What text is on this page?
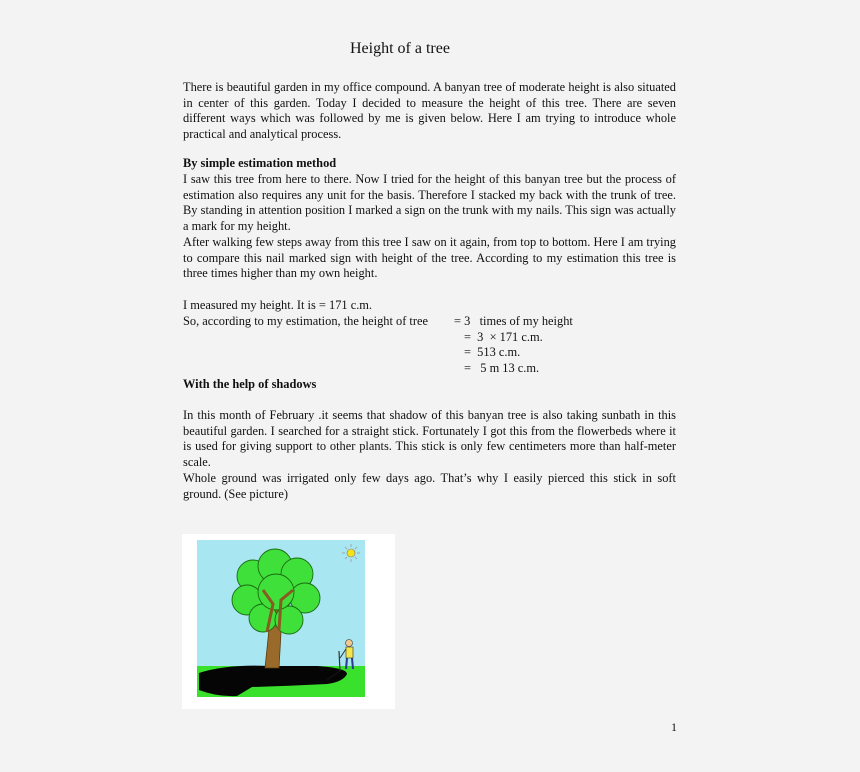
Height of a tree

There is beautiful garden in my office compound. A banyan tree of moderate height is also situated in center of this garden. Today I decided to measure the height of this tree. There are seven different ways which was followed by me is given below. Here I am trying to introduce whole practical and analytical process.

By simple estimation method

I saw this tree from here to there. Now I tried for the height of this banyan tree but the process of estimation also requires any unit for the basis. Therefore I stacked my back with the trunk of tree. By standing in attention position I marked a sign on the trunk with my nails. This sign was actually a mark for my height.

After walking few steps away from this tree I saw on it again, from top to bottom. Here I am trying to compare this nail marked sign with height of the tree. According to my estimation this tree is three times higher than my own height.

I measured my height. It is = 171 c.m.
So, according to my estimation, the height of tree = 3   times of my height
=  3  × 171 c.m.
=  513 c.m.
=   5 m 13 c.m.
With the help of shadows

In this month of February .it seems that shadow of this banyan tree is also taking sunbath in this beautiful garden. I searched for a straight stick. Fortunately I got this from the flowerbeds where it is used for giving support to other plants. This stick is only few centimeters more than half-meter scale.

Whole ground was irrigated only few days ago. That’s why I easily pierced this stick in soft ground. (See picture)

1
